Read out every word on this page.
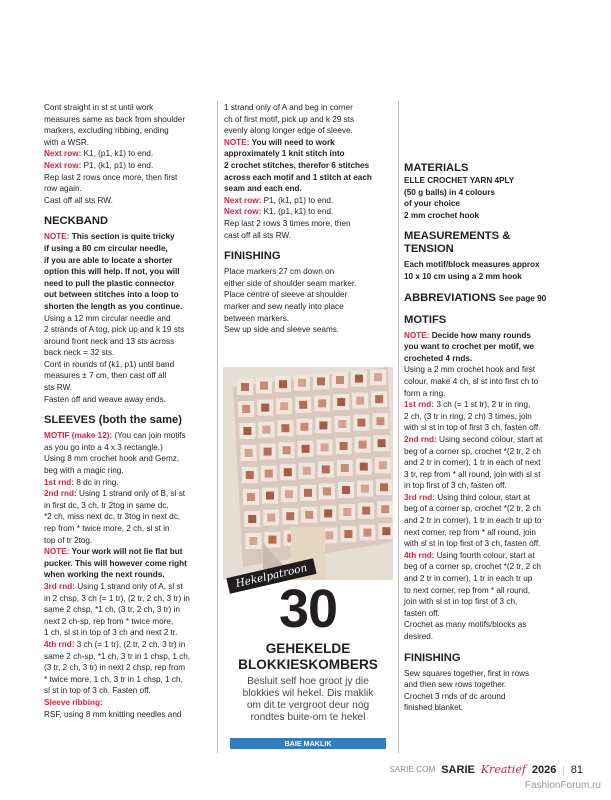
Cont straight in st st until work

measures same as back from shoulder

markers, excluding ribbing, ending

with a WSR.

Next row: K1, (p1, k1) to end.

Next row: P1, (k1, p1) to end.

Rep last 2 rows once more, then first

row again.

Cast off all sts RW.

NECKBAND

NOTE: This section is quite tricky

if using a 80 cm circular needle,

if you are able to locate a shorter

option this will help. If not, you will

need to pull the plastic connector

out between stitches into a loop to

shorten the length as you continue.

Using a 12 mm circular needle and

2 strands of A tog, pick up and k 19 sts

around front neck and 13 sts across

back neck = 32 sts.

Cont in rounds of (k1, p1) until band

measures ± 7 cm, then cast off all

sts RW.

Fasten off and weave away ends.

SLEEVES (both the same)

MOTIF (make 12): (You can join motifs

as you go into a 4 x 3 rectangle.)

Using 8 mm crochet hook and Gemz,

beg with a magic ring.

1st rnd: 8 dc in ring.

2nd rnd: Using 1 strand only of B, sl st

in first dc, 3 ch, tr 2tog in same dc,

*2 ch, miss next dc, tr 3tog in next dc,

rep from * twice more, 2 ch, sl st in

top of tr 2tog.

NOTE: Your work will not lie flat but

pucker. This will however come right

when working the next rounds.

3rd rnd: Using 1 strand only of A, sl st

in 2 chsp, 3 ch (= 1 tr), (2 tr, 2 ch, 3 tr) in

same 2 chsp, *1 ch, (3 tr, 2 ch, 3 tr) in

next 2 ch-sp, rep from * twice more,

1 ch, sl st in top of 3 ch and next 2 tr.

4th rnd: 3 ch (= 1 tr), (2 tr, 2 ch, 3 tr) in

same 2 ch-sp, *1 ch, 3 tr in 1 chsp, 1 ch,

(3 tr, 2 ch, 3 tr) in next 2 chsp, rep from

* twice more, 1 ch, 3 tr in 1 chsp, 1 ch,

sl st in top of 3 ch. Fasten off.

Sleeve ribbing:

RSF, using 8 mm knitting needles and

1 strand only of A and beg in corner

ch of first motif, pick up and k 29 sts

evenly along longer edge of sleeve.

NOTE: You will need to work

approximately 1 knit stitch into

2 crochet stitches, therefor 6 stitches

across each motif and 1 stitch at each

seam and each end.

Next row: P1, (k1, p1) to end.

Next row: K1, (p1, k1) to end.

Rep last 2 rows 3 times more, then

cast off all sts RW.

FINISHING

Place markers 27 cm down on

either side of shoulder seam marker.

Place centre of sleeve at shoulder

marker and sew neatly into place

between markers.

Sew up side and sleeve seams.

Hekelpatroon
30
GEHEKELDE
BLOKKIESKOMBERS
Besluit self hoe groot jy die
blokkies wil hekel. Dis maklik
om dit te vergroot deur nog
rondtes buite-om te hekel
BAIE MAKLIK
MATERIALS

ELLE CROCHET YARN 4PLY

(50 g balls) in 4 colours

of your choice

2 mm crochet hook

MEASUREMENTS &
TENSION

Each motif/block measures approx

10 x 10 cm using a 2 mm hook

ABBREVIATIONS See page 90
MOTIFS

NOTE: Decide how many rounds

you want to crochet per motif, we

crocheted 4 rnds.

Using a 2 mm crochet hook and first

colour, make 4 ch, sl st into first ch to

form a ring.

1st rnd: 3 ch (= 1 st tr), 2 tr in ring,

2 ch, (3 tr in ring, 2 ch) 3 times, join

with sl st in top of first 3 ch, fasten off.

2nd rnd: Using second colour, start at

beg of a corner sp, crochet *(2 tr, 2 ch

and 2 tr in corner), 1 tr in each of next

3 tr, rep from * all round, join with sl st

in top first of 3 ch, fasten off.

3rd rnd: Using third colour, start at

beg of a corner sp, crochet *(2 tr, 2 ch

and 2 tr in corner), 1 tr in each tr up to

next corner, rep from * all round, join

with sl st in top first of 3 ch, fasten off.

4th rnd: Using fourth colour, start at

beg of a corner sp, crochet *(2 tr, 2 ch

and 2 tr in corner), 1 tr in each tr up

to next corner, rep from * all round,

join with sl st in top first of 3 ch,

fasten off.

Crochet as many motifs/blocks as

desired.

FINISHING

Sew squares together, first in rows

and then sew rows together.

Crochet 3 rnds of dc around

finished blanket.

SARIE.COM SARIE Kreatief 2026 | 81
FashionForum.ru
